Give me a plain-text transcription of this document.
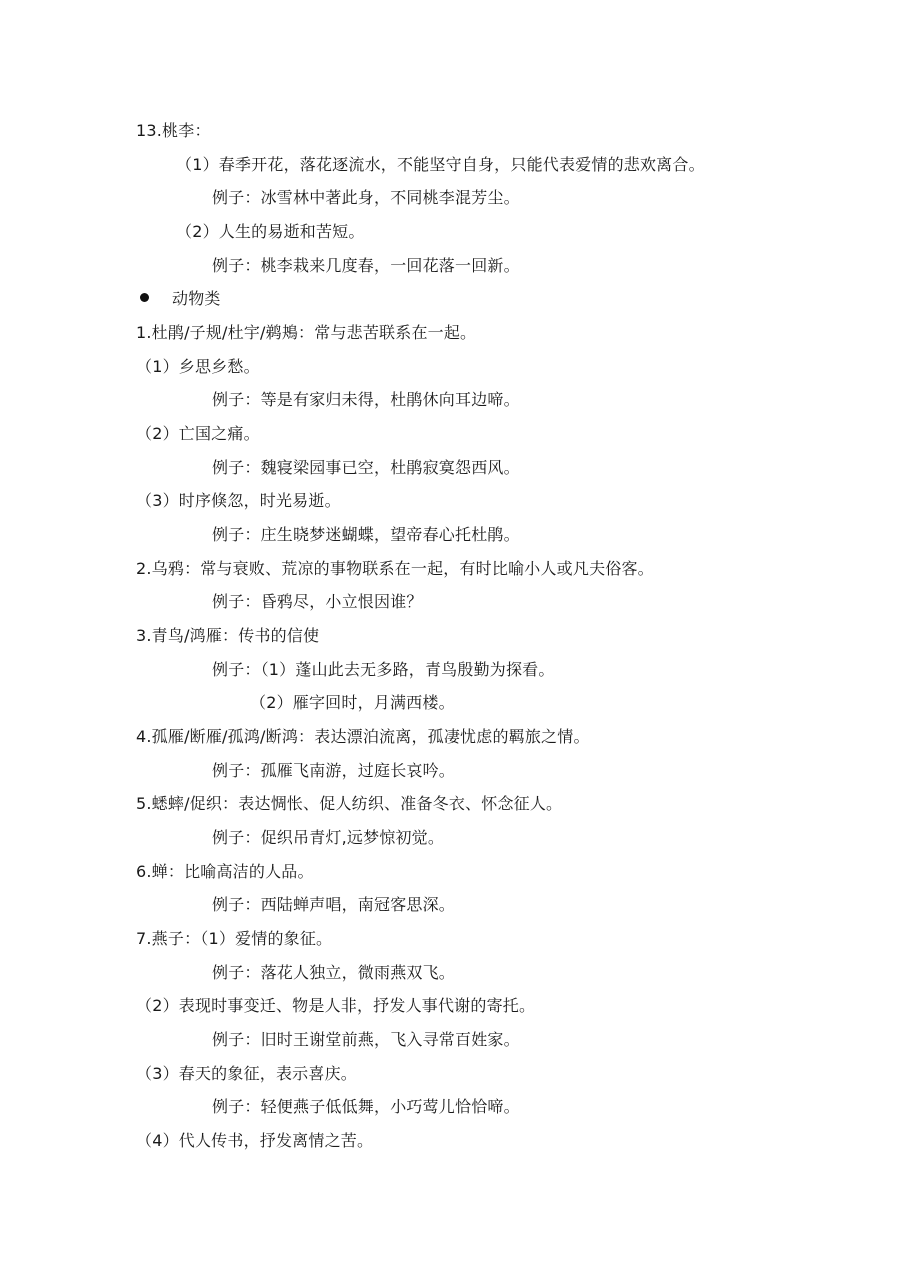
13.桃李：
（1）春季开花，落花逐流水，不能坚守自身，只能代表爱情的悲欢离合。
例子：冰雪林中著此身，不同桃李混芳尘。
（2）人生的易逝和苦短。
例子：桃李栽来几度春，一回花落一回新。
动物类
1.杜鹃/子规/杜宇/鹈鴂：常与悲苦联系在一起。
（1）乡思乡愁。
例子：等是有家归未得，杜鹃休向耳边啼。
（2）亡国之痛。
例子：魏寝梁园事已空，杜鹃寂寞怨西风。
（3）时序倏忽，时光易逝。
例子：庄生晓梦迷蝴蝶，望帝春心托杜鹃。
2.乌鸦：常与衰败、荒凉的事物联系在一起，有时比喻小人或凡夫俗客。
例子：昏鸦尽，小立恨因谁？
3.青鸟/鸿雁：传书的信使
例子：（1）蓬山此去无多路，青鸟殷勤为探看。
（2）雁字回时，月满西楼。
4.孤雁/断雁/孤鸿/断鸿：表达漂泊流离，孤凄忧虑的羁旅之情。
例子：孤雁飞南游，过庭长哀吟。
5.蟋蟀/促织：表达惆怅、促人纺织、准备冬衣、怀念征人。
例子：促织吊青灯,远梦惊初觉。
6.蝉：比喻高洁的人品。
例子：西陆蝉声唱，南冠客思深。
7.燕子：（1）爱情的象征。
例子：落花人独立，微雨燕双飞。
（2）表现时事变迁、物是人非，抒发人事代谢的寄托。
例子：旧时王谢堂前燕，飞入寻常百姓家。
（3）春天的象征，表示喜庆。
例子：轻便燕子低低舞，小巧莺儿恰恰啼。
（4）代人传书，抒发离情之苦。
